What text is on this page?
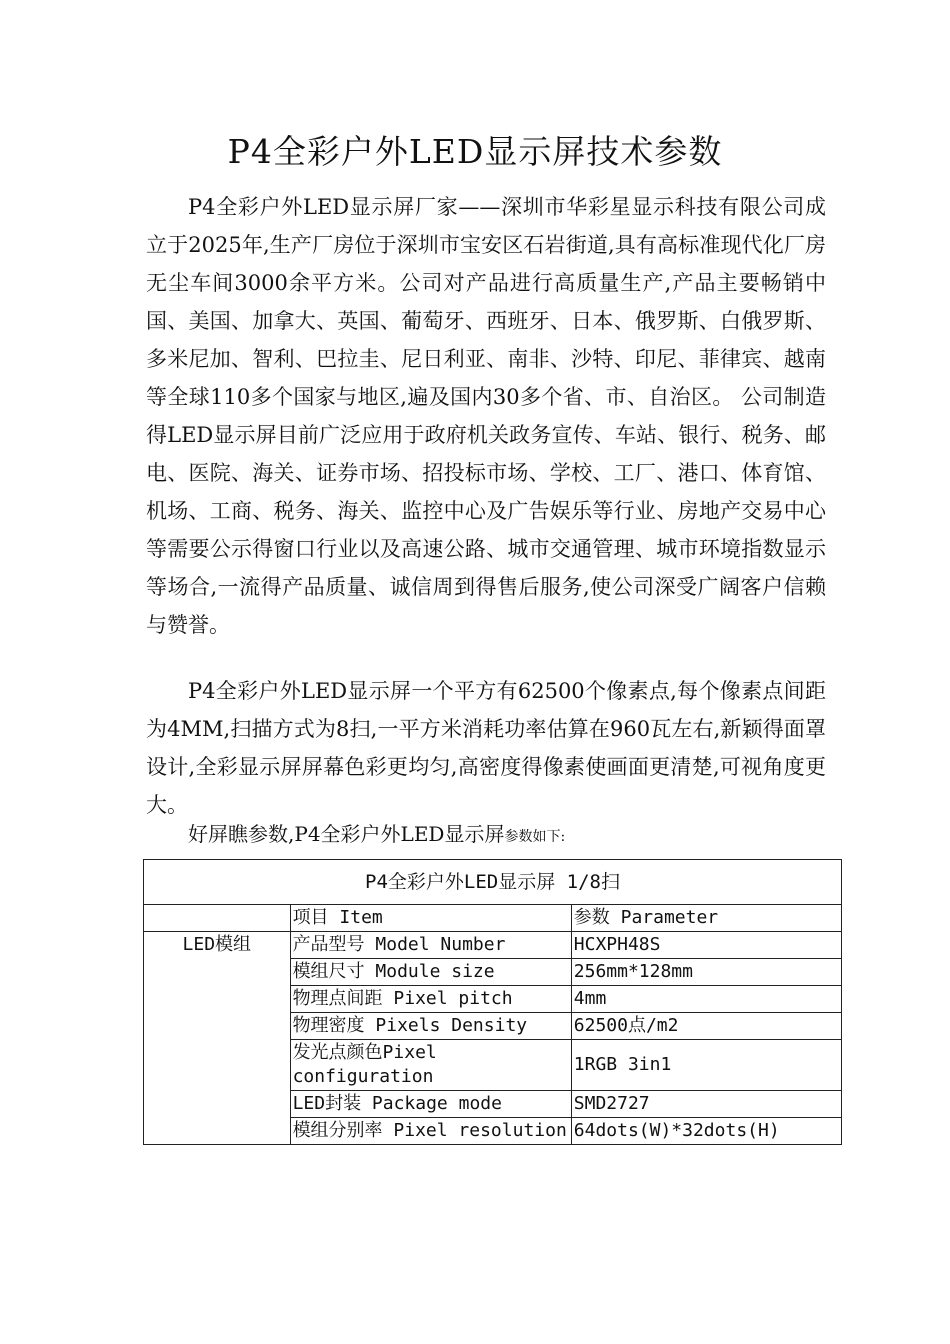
P4全彩户外LED显示屏技术参数

P4全彩户外LED显示屏厂家——深圳市华彩星显示科技有限公司成立于2025年,生产厂房位于深圳市宝安区石岩街道,具有高标准现代化厂房无尘车间3000余平方米。公司对产品进行高质量生产,产品主要畅销中国、美国、加拿大、英国、葡萄牙、西班牙、日本、俄罗斯、白俄罗斯、多米尼加、智利、巴拉圭、尼日利亚、南非、沙特、印尼、菲律宾、越南等全球110多个国家与地区,遍及国内30多个省、市、自治区。 公司制造得LED显示屏目前广泛应用于政府机关政务宣传、车站、银行、税务、邮电、医院、海关、证券市场、招投标市场、学校、工厂、港口、体育馆、机场、工商、税务、海关、监控中心及广告娱乐等行业、房地产交易中心等需要公示得窗口行业以及高速公路、城市交通管理、城市环境指数显示等场合,一流得产品质量、诚信周到得售后服务,使公司深受广阔客户信赖与赞誉。

P4全彩户外LED显示屏一个平方有62500个像素点,每个像素点间距为4MM,扫描方式为8扫,一平方米消耗功率估算在960瓦左右,新颖得面罩设计,全彩显示屏屏幕色彩更均匀,高密度得像素使画面更清楚,可视角度更大。

好屏瞧参数,P4全彩户外LED显示屏参数如下:
P4全彩户外LED显示屏 1/8扫		
	项目 Item	参数 Parameter
LED模组	产品型号 Model Number	HCXPH48S
	模组尺寸 Module size	256mm*128mm
	物理点间距 Pixel pitch	4mm
	物理密度 Pixels Density	62500点/m2
	发光点颜色Pixel configuration	1RGB 3in1
	LED封装 Package mode	SMD2727
	模组分别率 Pixel resolution	64dots(W)*32dots(H)
